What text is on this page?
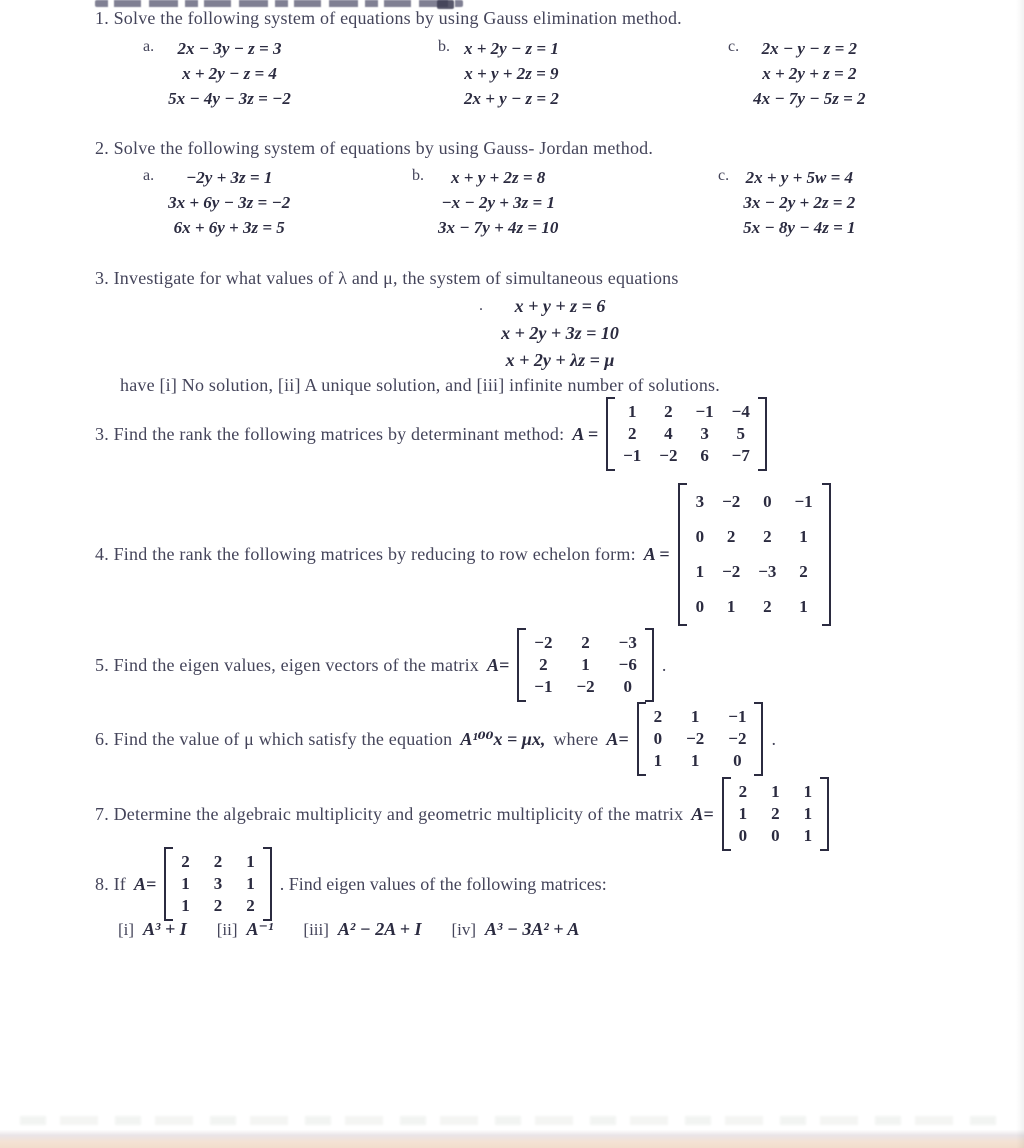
1. Solve the following system of equations by using Gauss elimination method.
a. 2x − 3y − z = 3
x + 2y − z = 4
5x − 4y − 3z = −2
b. x + 2y − z = 1
x + y + 2z = 9
2x + y − z = 2
c. 2x − y − z = 2
x + 2y + z = 2
4x − 7y − 5z = 2
2. Solve the following system of equations by using Gauss- Jordan method.
a. −2y + 3z = 1
3x + 6y − 3z = −2
6x + 6y + 3z = 5
b. x + y + 2z = 8
−x − 2y + 3z = 1
3x − 7y + 4z = 10
c. 2x + y + 5w = 4
3x − 2y + 2z = 2
5x − 8y − 4z = 1
3. Investigate for what values of λ and μ, the system of simultaneous equations
.	x + y + z = 6
x + 2y + 3z = 10
x + 2y + λz = μ
have [i] No solution, [ii] A unique solution, and [iii] infinite number of solutions.
3. Find the rank the following matrices by determinant method: A =
1 2 −1 −4
2 4 3 5
−1 −2 6 −7
4. Find the rank the following matrices by reducing to row echelon form: A =
3 −2 0 −1
0 2 2 1
1 −2 −3 2
0 1 2 1
5. Find the eigen values, eigen vectors of the matrix A=
−2 2 −3
2 1 −6
−1 −2 0
.
6. Find the value of μ which satisfy the equation A¹⁰⁰x = μx, where A=
2 1 −1
0 −2 −2
1 1 0
.
7. Determine the algebraic multiplicity and geometric multiplicity of the matrix A=
2 1 1
1 2 1
0 0 1
8. If A=
2 2 1
1 3 1
1 2 2
. Find eigen values of the following matrices:
[i] A³ + I [ii] A⁻¹ [iii] A² − 2A + I [iv] A³ − 3A² + A
